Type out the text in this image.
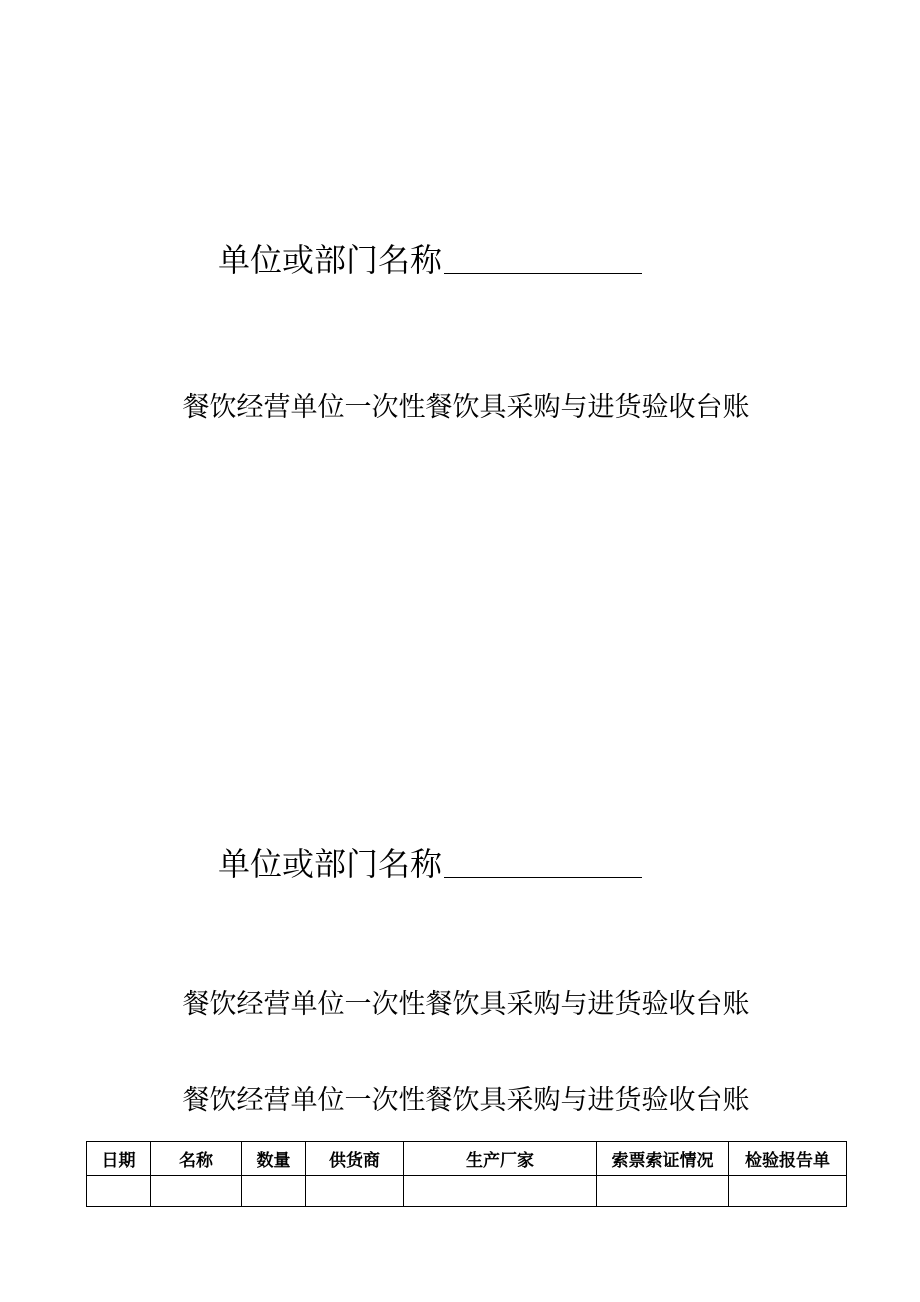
单位或部门名称
餐饮经营单位一次性餐饮具采购与进货验收台账
单位或部门名称
餐饮经营单位一次性餐饮具采购与进货验收台账
餐饮经营单位一次性餐饮具采购与进货验收台账
日期	名称	数量	供货商	生产厂家	索票索证情况	检验报告单
